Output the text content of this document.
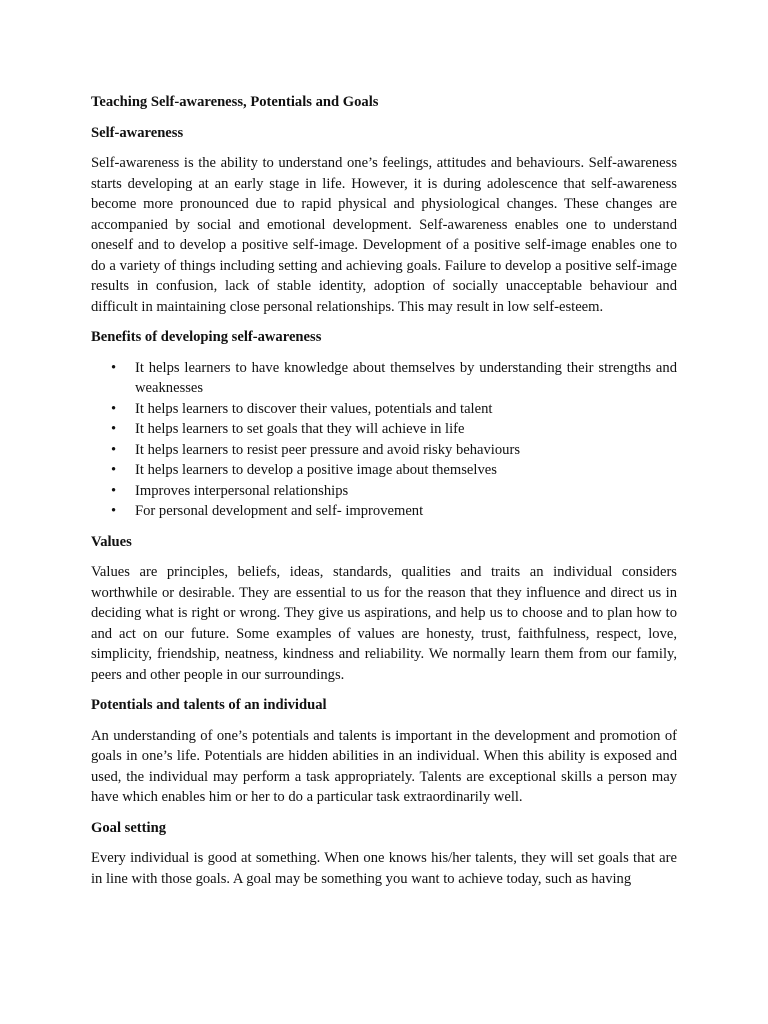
Teaching Self-awareness, Potentials and Goals
Self-awareness

Self-awareness is the ability to understand one’s feelings, attitudes and behaviours. Self-awareness starts developing at an early stage in life. However, it is during adolescence that self-awareness become more pronounced due to rapid physical and physiological changes. These changes are accompanied by social and emotional development. Self-awareness enables one to understand oneself and to develop a positive self-image. Development of a positive self-image enables one to do a variety of things including setting and achieving goals. Failure to develop a positive self-image results in confusion, lack of stable identity, adoption of socially unacceptable behaviour and difficult in maintaining close personal relationships. This may result in low self-esteem.

Benefits of developing self-awareness
• It helps learners to have knowledge about themselves by understanding their strengths and weaknesses
• It helps learners to discover their values, potentials and talent
• It helps learners to set goals that they will achieve in life
• It helps learners to resist peer pressure and avoid risky behaviours
• It helps learners to develop a positive image about themselves
• Improves interpersonal relationships
• For personal development and self- improvement
Values

Values are principles, beliefs, ideas, standards, qualities and traits an individual considers worthwhile or desirable. They are essential to us for the reason that they influence and direct us in deciding what is right or wrong. They give us aspirations, and help us to choose and to plan how to and act on our future. Some examples of values are honesty, trust, faithfulness, respect, love, simplicity, friendship, neatness, kindness and reliability. We normally learn them from our family, peers and other people in our surroundings.

Potentials and talents of an individual

An understanding of one’s potentials and talents is important in the development and promotion of goals in one’s life. Potentials are hidden abilities in an individual. When this ability is exposed and used, the individual may perform a task appropriately. Talents are exceptional skills a person may have which enables him or her to do a particular task extraordinarily well.

Goal setting

Every individual is good at something. When one knows his/her talents, they will set goals that are in line with those goals. A goal may be something you want to achieve today, such as having
